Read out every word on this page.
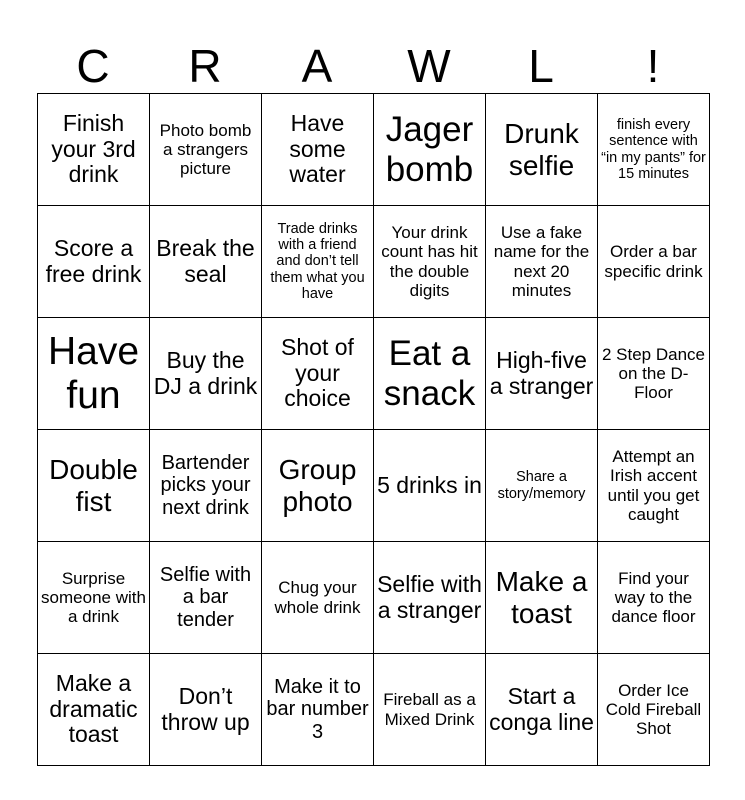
C	R	A	W	L	!
Finish your 3rd drink	Photo bomb a strangers picture	Have some water	Jager bomb	Drunk selfie	finish every sentence with “in my pants” for 15 minutes
Score a free drink	Break the seal	Trade drinks with a friend and don’t tell them what you have	Your drink count has hit the double digits	Use a fake name for the next 20 minutes	Order a bar specific drink
Have fun	Buy the DJ a drink	Shot of your choice	Eat a snack	High-five a stranger	2 Step Dance on the D-Floor
Double fist	Bartender picks your next drink	Group photo	5 drinks in	Share a story/memory	Attempt an Irish accent until you get caught
Surprise someone with a drink	Selfie with a bar tender	Chug your whole drink	Selfie with a stranger	Make a toast	Find your way to the dance floor
Make a dramatic toast	Don’t throw up	Make it to bar number 3	Fireball as a Mixed Drink	Start a conga line	Order Ice Cold Fireball Shot
